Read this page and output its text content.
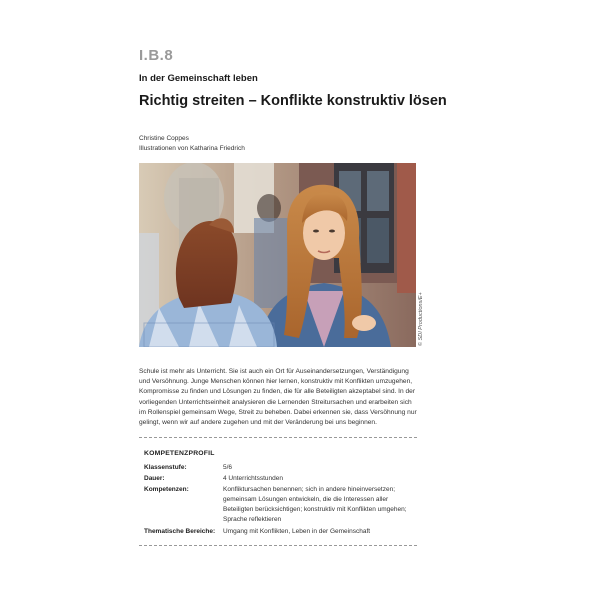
I.B.8
In der Gemeinschaft leben
Richtig streiten – Konflikte konstruktiv lösen
Christine Coppes
Illustrationen von Katharina Friedrich
© SDI Productions/E+
Schule ist mehr als Unterricht. Sie ist auch ein Ort für Auseinandersetzungen, Verständigung und Versöhnung. Junge Menschen können hier lernen, konstruktiv mit Konflikten umzugehen, Kompromisse zu finden und Lösungen zu finden, die für alle Beteiligten akzeptabel sind. In der vorliegenden Unterrichtseinheit analysieren die Lernenden Streitursachen und erarbeiten sich im Rollenspiel gemeinsam Wege, Streit zu beheben. Dabei erkennen sie, dass Versöhnung nur gelingt, wenn wir auf andere zugehen und mit der Veränderung bei uns beginnen.
KOMPETENZPROFIL
Klassenstufe:	5/6
Dauer:	4 Unterrichtsstunden
Kompetenzen:	Konfliktursachen benennen; sich in andere hineinversetzen; gemeinsam Lösungen entwickeln, die die Interessen aller Beteiligten berücksichtigen; konstruktiv mit Konflikten umgehen; Sprache reflektieren
Thematische Bereiche: Umgang mit Konflikten, Leben in der Gemeinschaft
